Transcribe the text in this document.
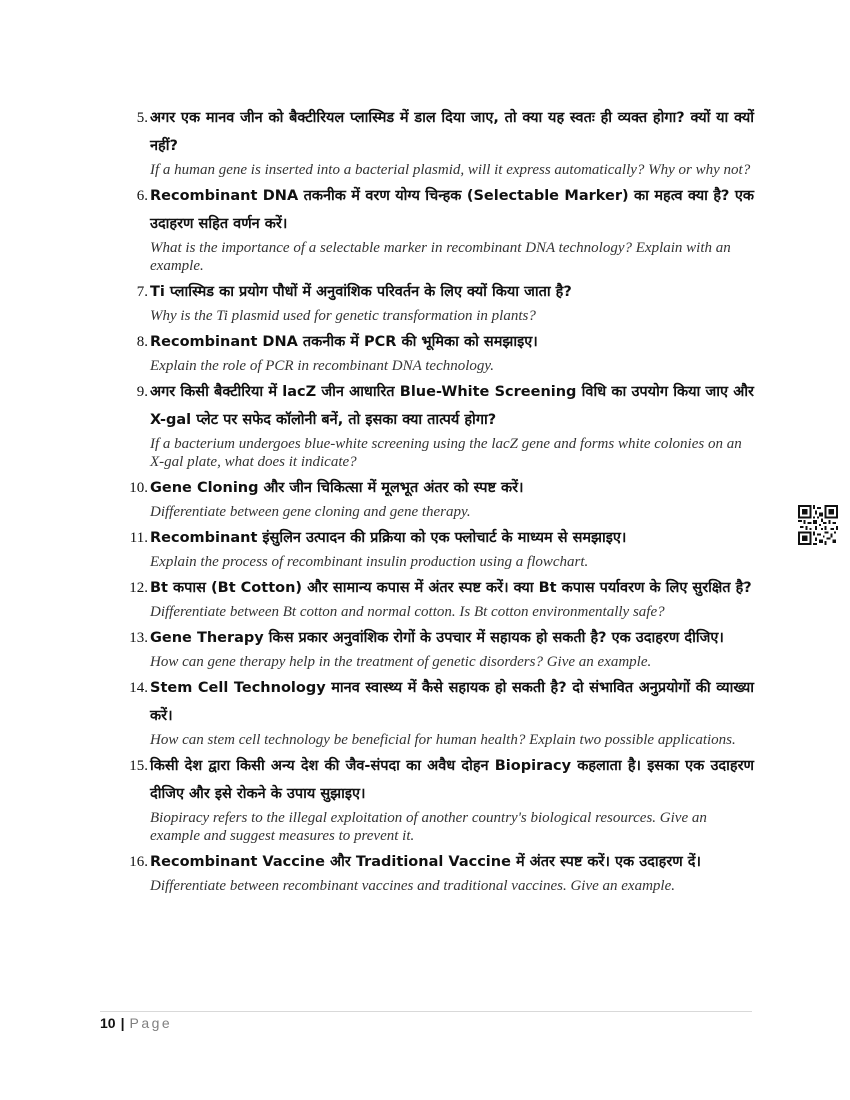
5. अगर एक मानव जीन को बैक्टीरियल प्लास्मिड में डाल दिया जाए, तो क्या यह स्वतः ही व्यक्त होगा? क्यों या क्यों नहीं?
If a human gene is inserted into a bacterial plasmid, will it express automatically? Why or why not?
6. Recombinant DNA तकनीक में वरण योग्य चिन्हक (Selectable Marker) का महत्व क्या है? एक उदाहरण सहित वर्णन करें।
What is the importance of a selectable marker in recombinant DNA technology? Explain with an example.
7. Ti प्लास्मिड का प्रयोग पौधों में अनुवांशिक परिवर्तन के लिए क्यों किया जाता है?
Why is the Ti plasmid used for genetic transformation in plants?
8. Recombinant DNA तकनीक में PCR की भूमिका को समझाइए।
Explain the role of PCR in recombinant DNA technology.
9. अगर किसी बैक्टीरिया में lacZ जीन आधारित Blue-White Screening विधि का उपयोग किया जाए और X-gal प्लेट पर सफेद कॉलोनी बनें, तो इसका क्या तात्पर्य होगा?
If a bacterium undergoes blue-white screening using the lacZ gene and forms white colonies on an X-gal plate, what does it indicate?
10. Gene Cloning और जीन चिकित्सा में मूलभूत अंतर को स्पष्ट करें।
Differentiate between gene cloning and gene therapy.
11. Recombinant इंसुलिन उत्पादन की प्रक्रिया को एक फ्लोचार्ट के माध्यम से समझाइए।
Explain the process of recombinant insulin production using a flowchart.
12. Bt कपास (Bt Cotton) और सामान्य कपास में अंतर स्पष्ट करें। क्या Bt कपास पर्यावरण के लिए सुरक्षित है?
Differentiate between Bt cotton and normal cotton. Is Bt cotton environmentally safe?
13. Gene Therapy किस प्रकार अनुवांशिक रोगों के उपचार में सहायक हो सकती है? एक उदाहरण दीजिए।
How can gene therapy help in the treatment of genetic disorders? Give an example.
14. Stem Cell Technology मानव स्वास्थ्य में कैसे सहायक हो सकती है? दो संभावित अनुप्रयोगों की व्याख्या करें।
How can stem cell technology be beneficial for human health? Explain two possible applications.
15. किसी देश द्वारा किसी अन्य देश की जैव-संपदा का अवैध दोहन Biopiracy कहलाता है। इसका एक उदाहरण दीजिए और इसे रोकने के उपाय सुझाइए।
Biopiracy refers to the illegal exploitation of another country's biological resources. Give an example and suggest measures to prevent it.
16. Recombinant Vaccine और Traditional Vaccine में अंतर स्पष्ट करें। एक उदाहरण दें।
Differentiate between recombinant vaccines and traditional vaccines. Give an example.
10 | Page
